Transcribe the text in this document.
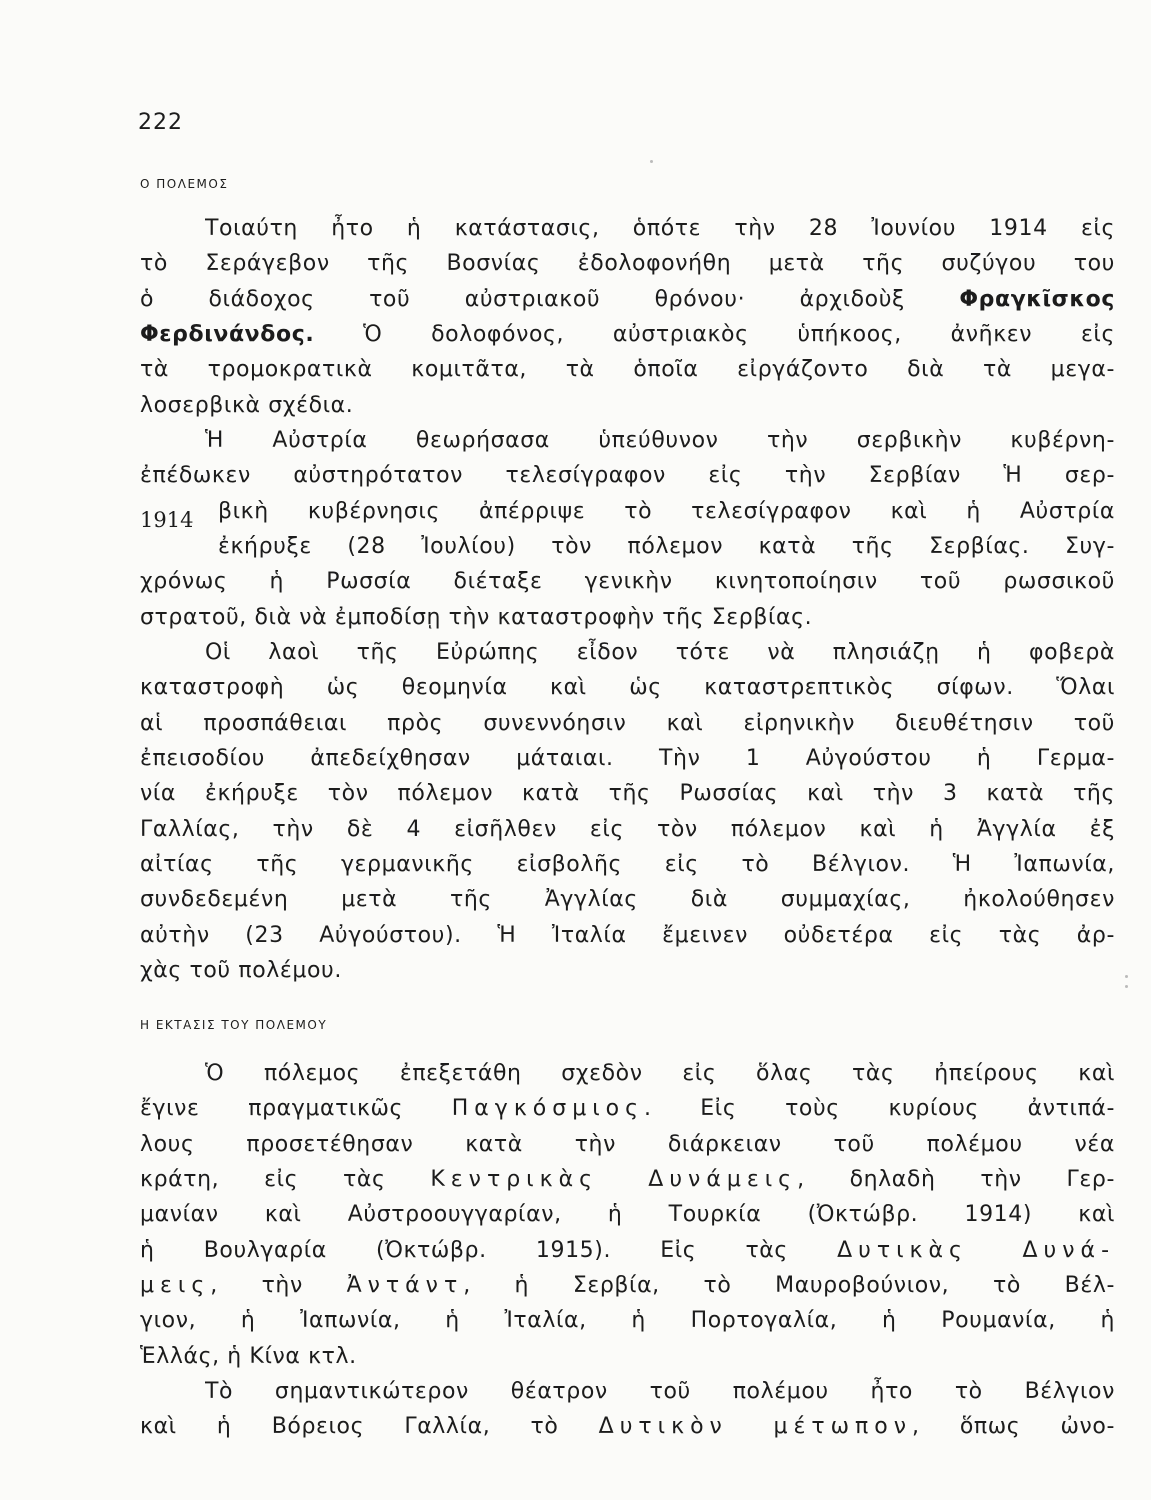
222
Ο ΠΟΛΕΜΟΣ
1914
Τοιαύτη ἦτο ἡ κατάστασις, ὁπότε τὴν 28 Ἰουνίου 1914 εἰς
τὸ Σεράγεβον τῆς Βοσνίας ἐδολοφονήθη μετὰ τῆς συζύγου του
ὁ διάδοχος τοῦ αὐστριακοῦ θρόνου· ἀρχιδοὺξ Φραγκῖσκος
Φερδινάνδος. Ὁ δολοφόνος, αὐστριακὸς ὑπήκοος, ἀνῆκεν εἰς
τὰ τρομοκρατικὰ κομιτᾶτα, τὰ ὁποῖα εἰργάζοντο διὰ τὰ μεγα-
λοσερβικὰ σχέδια.
Ἡ Αὐστρία θεωρήσασα ὑπεύθυνον τὴν σερβικὴν κυβέρνη-
ἐπέδωκεν αὐστηρότατον τελεσίγραφον εἰς τὴν Σερβίαν Ἡ σερ-
βικὴ κυβέρνησις ἀπέρριψε τὸ τελεσίγραφον καὶ ἡ Αὐστρία
ἐκήρυξε (28 Ἰουλίου) τὸν πόλεμον κατὰ τῆς Σερβίας. Συγ-
χρόνως ἡ Ρωσσία διέταξε γενικὴν κινητοποίησιν τοῦ ρωσσικοῦ
στρατοῦ, διὰ νὰ ἐμποδίσῃ τὴν καταστροφὴν τῆς Σερβίας.
Οἱ λαοὶ τῆς Εὐρώπης εἶδον τότε νὰ πλησιάζῃ ἡ φοβερὰ
καταστροφὴ ὡς θεομηνία καὶ ὡς καταστρεπτικὸς σίφων. Ὅλαι
αἱ προσπάθειαι πρὸς συνεννόησιν καὶ εἰρηνικὴν διευθέτησιν τοῦ
ἐπεισοδίου ἀπεδείχθησαν μάταιαι. Τὴν 1 Αὐγούστου ἡ Γερμα-
νία ἐκήρυξε τὸν πόλεμον κατὰ τῆς Ρωσσίας καὶ τὴν 3 κατὰ τῆς
Γαλλίας, τὴν δὲ 4 εἰσῆλθεν εἰς τὸν πόλεμον καὶ ἡ Ἀγγλία ἐξ
αἰτίας τῆς γερμανικῆς εἰσβολῆς εἰς τὸ Βέλγιον. Ἡ Ἰαπωνία,
συνδεδεμένη μετὰ τῆς Ἀγγλίας διὰ συμμαχίας, ἠκολούθησεν
αὐτὴν (23 Αὐγούστου). Ἡ Ἰταλία ἔμεινεν οὐδετέρα εἰς τὰς ἀρ-
χὰς τοῦ πολέμου.
Η ΕΚΤΑΣΙΣ ΤΟΥ ΠΟΛΕΜΟΥ
Ὁ πόλεμος ἐπεξετάθη σχεδὸν εἰς ὅλας τὰς ἠπείρους καὶ
ἔγινε πραγματικῶς Παγκόσμιος. Εἰς τοὺς κυρίους ἀντιπά-
λους προσετέθησαν κατὰ τὴν διάρκειαν τοῦ πολέμου νέα
κράτη, εἰς τὰς Κεντρικὰς Δυνάμεις, δηλαδὴ τὴν Γερ-
μανίαν καὶ Αὐστροουγγαρίαν, ἡ Τουρκία (Ὀκτώβρ. 1914) καὶ
ἡ Βουλγαρία (Ὀκτώβρ. 1915). Εἰς τὰς Δυτικὰς Δυνά-
μεις, τὴν Ἀντάντ, ἡ Σερβία, τὸ Μαυροβούνιον, τὸ Βέλ-
γιον, ἡ Ἰαπωνία, ἡ Ἰταλία, ἡ Πορτογαλία, ἡ Ρουμανία, ἡ
Ἑλλάς, ἡ Κίνα κτλ.
Τὸ σημαντικώτερον θέατρον τοῦ πολέμου ἦτο τὸ Βέλγιον
καὶ ἡ Βόρειος Γαλλία, τὸ Δυτικὸν μέτωπον, ὅπως ὠνο-
